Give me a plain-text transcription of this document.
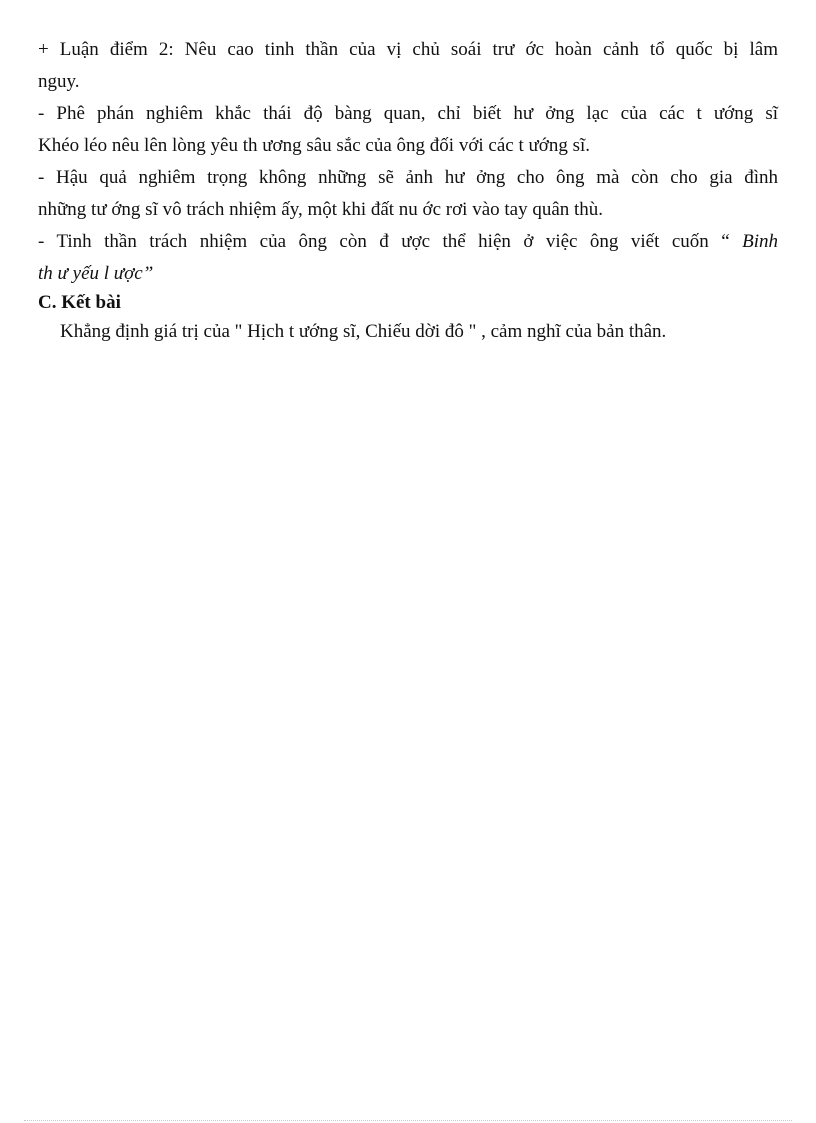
+ Luận điểm 2: Nêu cao tinh thần của vị chủ soái trư ớc hoàn cảnh tổ quốc bị lâm

nguy.

- Phê phán nghiêm khắc thái độ bàng quan, chỉ biết hư ởng lạc của các t ướng sĩ

Khéo léo nêu lên lòng yêu th ương sâu sắc của ông đối với các t ướng sĩ.

- Hậu quả nghiêm trọng không những sẽ ảnh hư ởng cho ông mà còn cho gia đình

những tư ớng sĩ vô trách nhiệm ấy, một khi đất nu ớc rơi vào tay quân thù.

- Tinh thần trách nhiệm của ông còn đ ược thể hiện ở việc ông viết cuốn “ Binh

th ư yếu l ược”

C. Kết bài

Khẳng định giá trị của " Hịch t ướng sĩ, Chiếu dời đô " , cảm nghĩ của bản thân.
